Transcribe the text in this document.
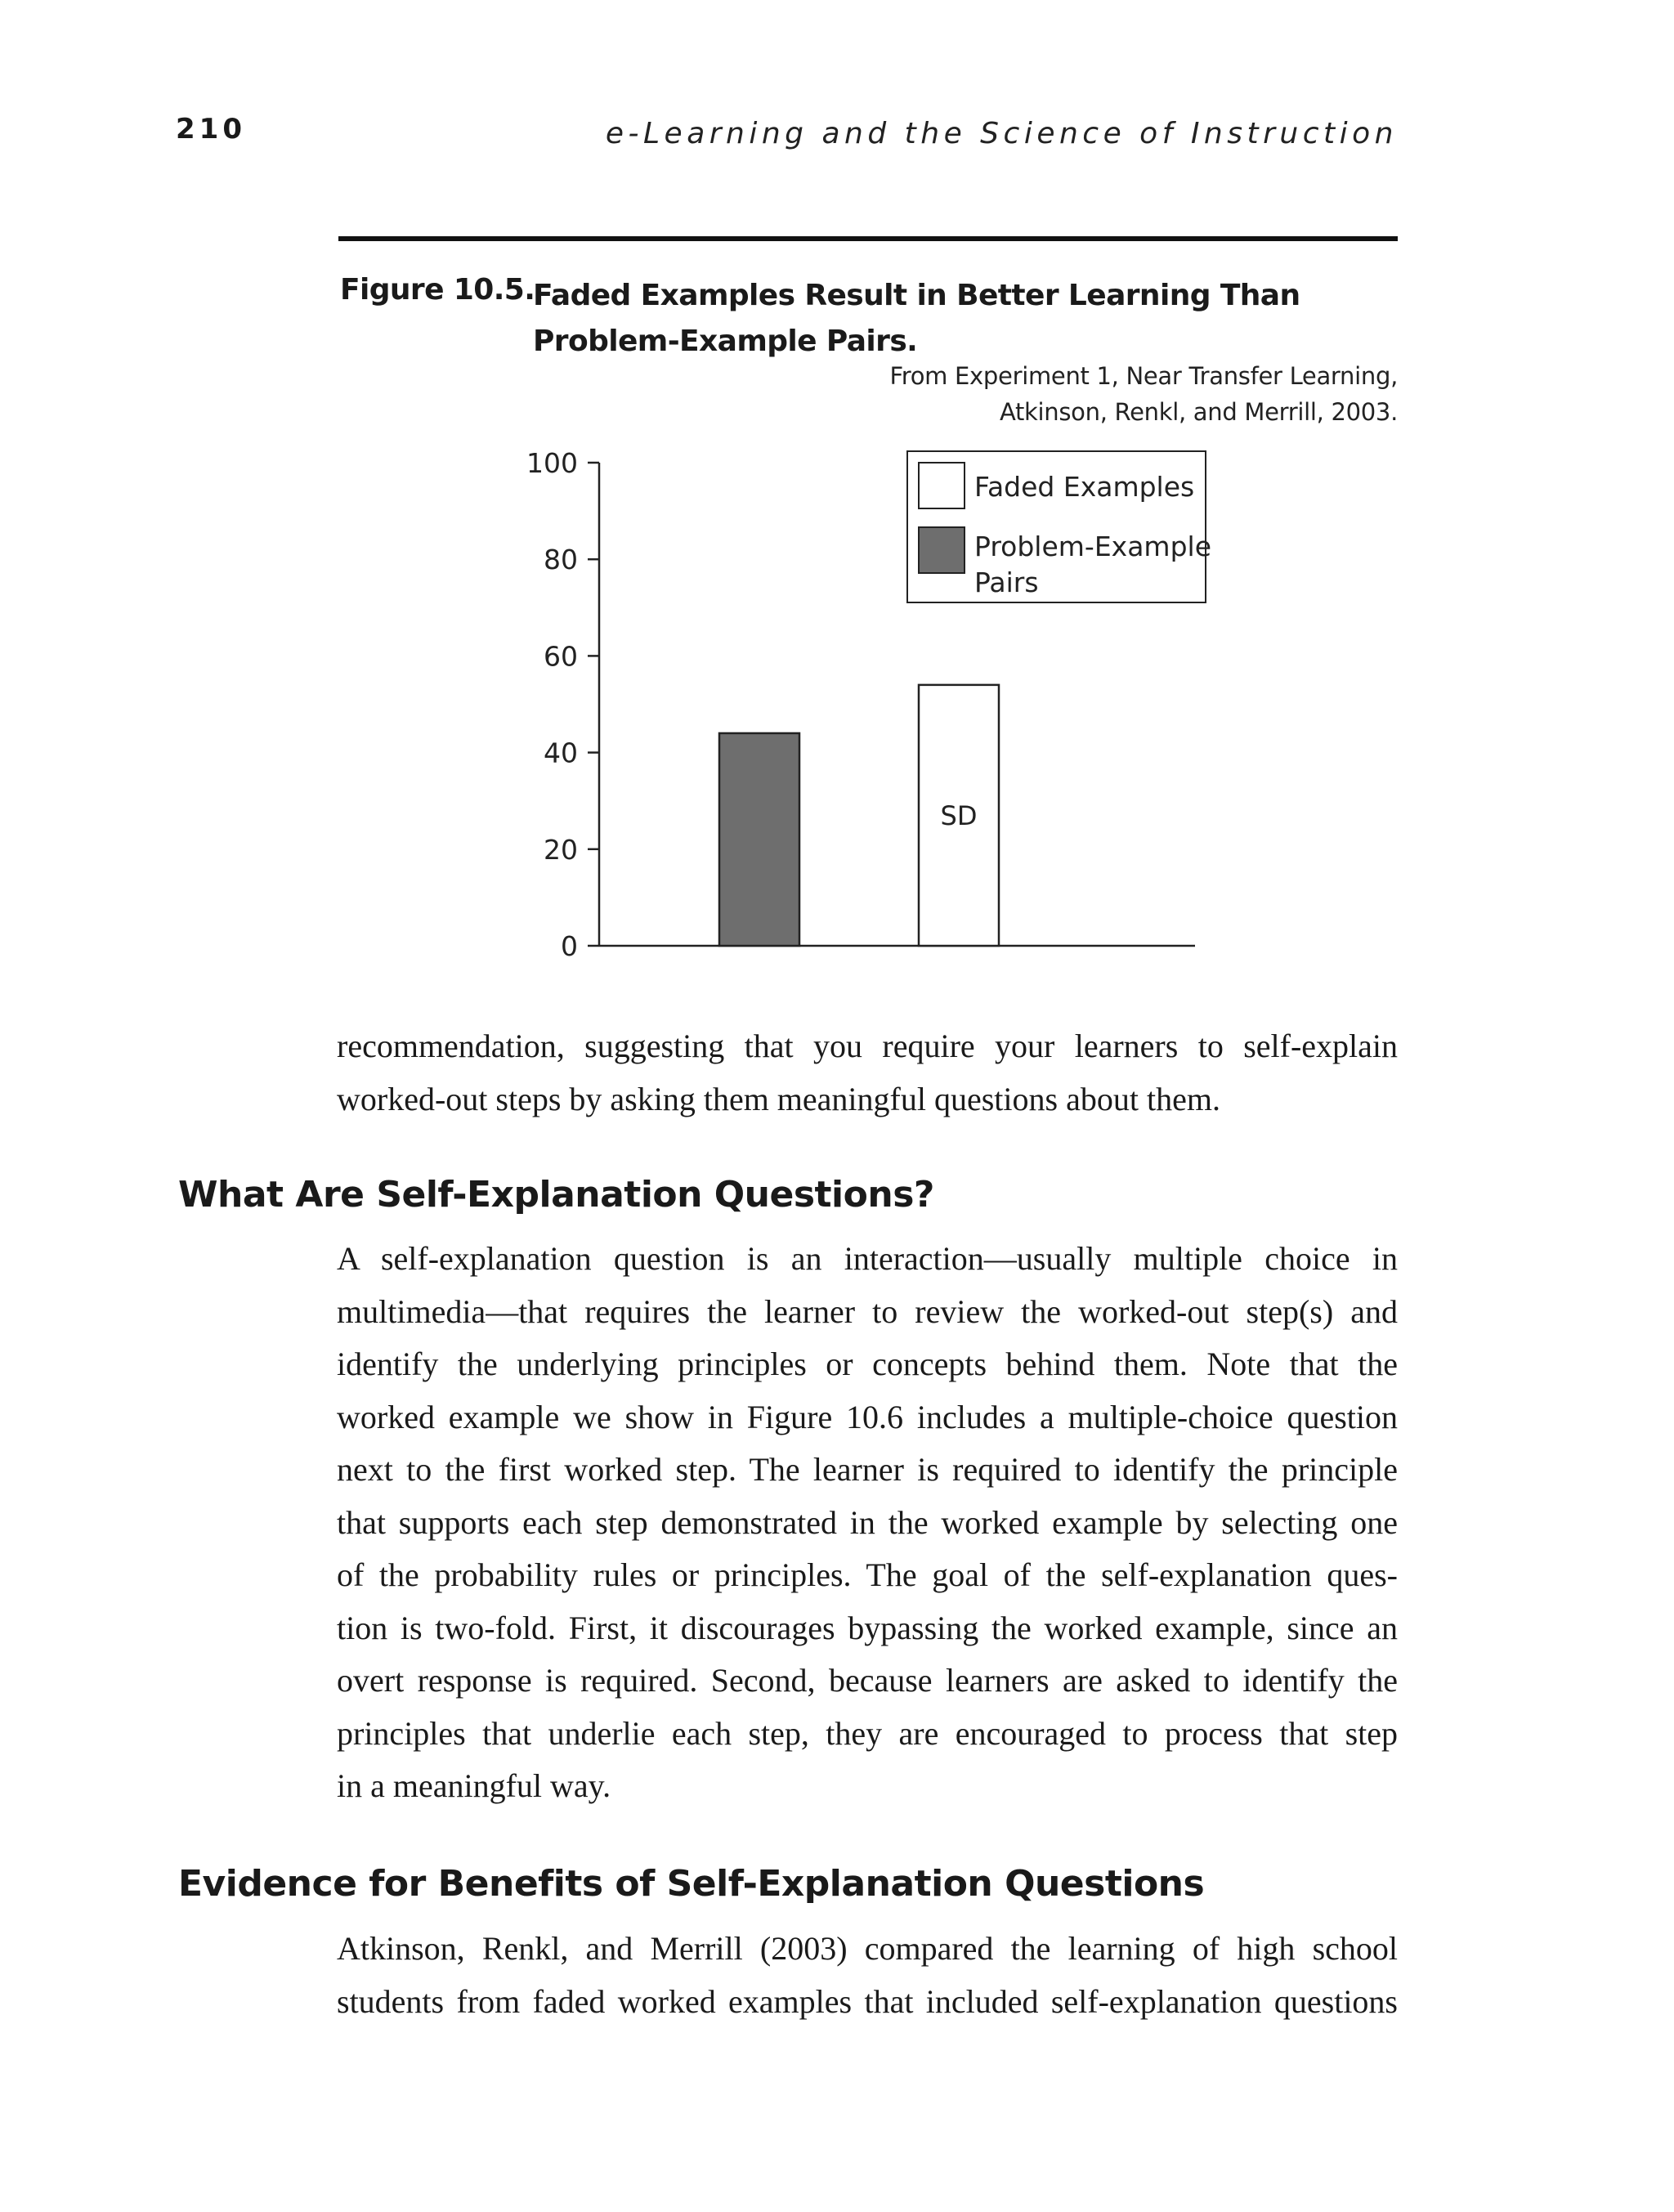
210	e-Learning and the Science of Instruction
Figure 10.5.
Faded Examples Result in Better Learning Than Problem-Example Pairs.
From Experiment 1, Near Transfer Learning,
Atkinson, Renkl, and Merrill, 2003.
0
20
40
60
80
100
SD
Faded Examples
Problem-Example Pairs
recommendation, suggesting that you require your learners to self-explain
worked-out steps by asking them meaningful questions about them.
What Are Self-Explanation Questions?
A self-explanation question is an interaction—usually multiple choice in
multimedia—that requires the learner to review the worked-out step(s) and
identify the underlying principles or concepts behind them. Note that the
worked example we show in Figure 10.6 includes a multiple-choice question
next to the first worked step. The learner is required to identify the principle
that supports each step demonstrated in the worked example by selecting one
of the probability rules or principles. The goal of the self-explanation ques-
tion is two-fold. First, it discourages bypassing the worked example, since an
overt response is required. Second, because learners are asked to identify the
principles that underlie each step, they are encouraged to process that step
in a meaningful way.
Evidence for Benefits of Self-Explanation Questions
Atkinson, Renkl, and Merrill (2003) compared the learning of high school
students from faded worked examples that included self-explanation questions
